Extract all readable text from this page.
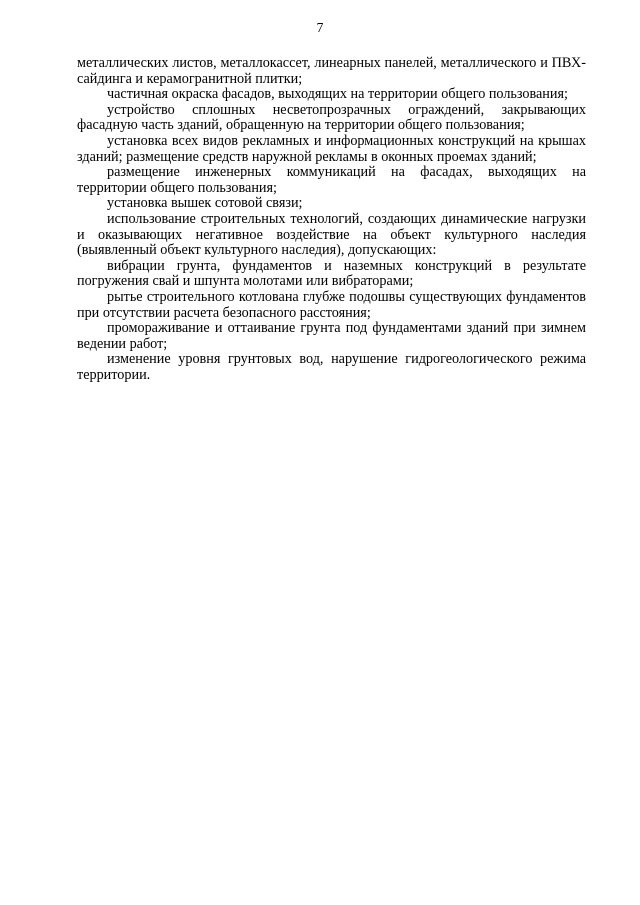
7

металлических листов, металлокассет, линеарных панелей, металлического и ПВХ-сайдинга и керамогранитной плитки;

частичная окраска фасадов, выходящих на территории общего пользования;

устройство сплошных несветопрозрачных ограждений, закрывающих фасадную часть зданий, обращенную на территории общего пользования;

установка всех видов рекламных и информационных конструкций на крышах зданий; размещение средств наружной рекламы в оконных проемах зданий;

размещение инженерных коммуникаций на фасадах, выходящих на территории общего пользования;

установка вышек сотовой связи;

использование строительных технологий, создающих динамические нагрузки и оказывающих негативное воздействие на объект культурного наследия (выявленный объект культурного наследия), допускающих:

вибрации грунта, фундаментов и наземных конструкций в результате погружения свай и шпунта молотами или вибраторами;

рытье строительного котлована глубже подошвы существующих фундаментов при отсутствии расчета безопасного расстояния;

промораживание и оттаивание грунта под фундаментами зданий при зимнем ведении работ;

изменение уровня грунтовых вод, нарушение гидрогеологического режима территории.
